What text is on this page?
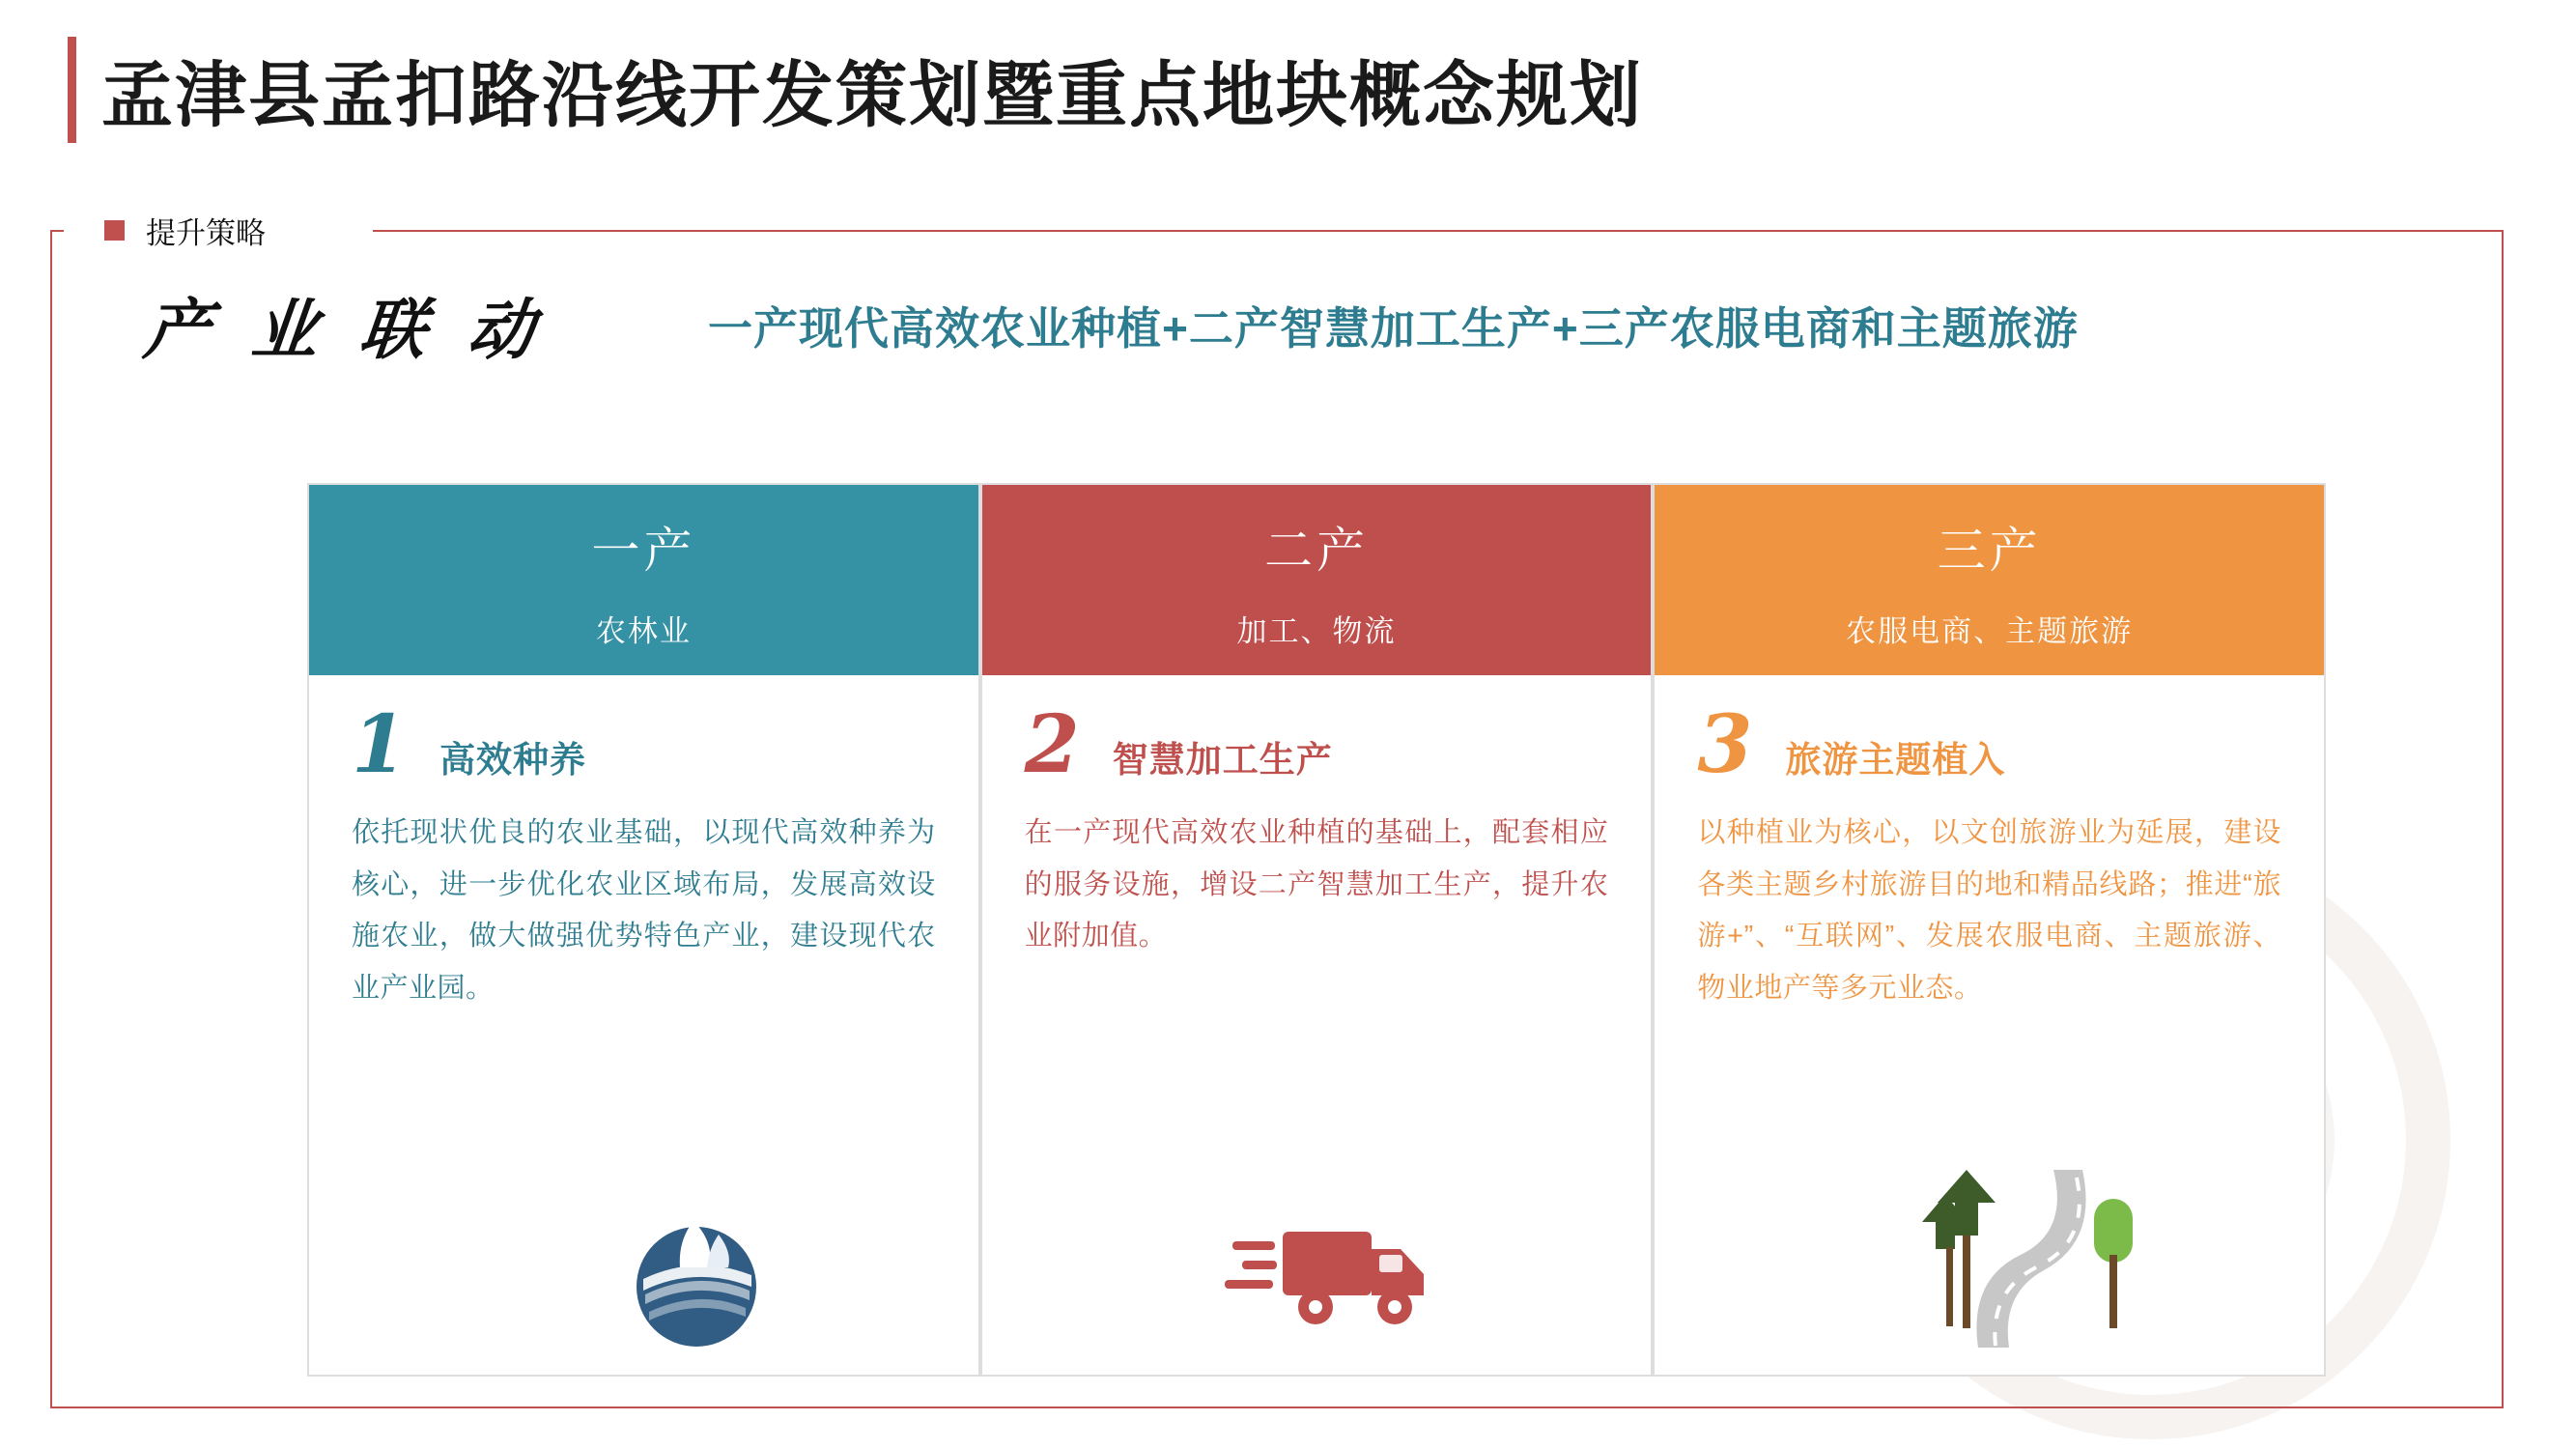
孟津县孟扣路沿线开发策划暨重点地块概念规划
提升策略
产 业 联 动	一产现代高效农业种植+二产智慧加工生产+三产农服电商和主题旅游
一产
农林业
1 高效种养
依托现状优良的农业基础，以现代高效种养为核心，进一步优化农业区域布局，发展高效设施农业，做大做强优势特色产业，建设现代农业产业园。
二产
加工、物流
2 智慧加工生产
在一产现代高效农业种植的基础上，配套相应的服务设施，增设二产智慧加工生产，提升农业附加值。
三产
农服电商、主题旅游
3 旅游主题植入
以种植业为核心，以文创旅游业为延展，建设各类主题乡村旅游目的地和精品线路；推进“旅游+”、“互联网”、发展农服电商、主题旅游、物业地产等多元业态。
